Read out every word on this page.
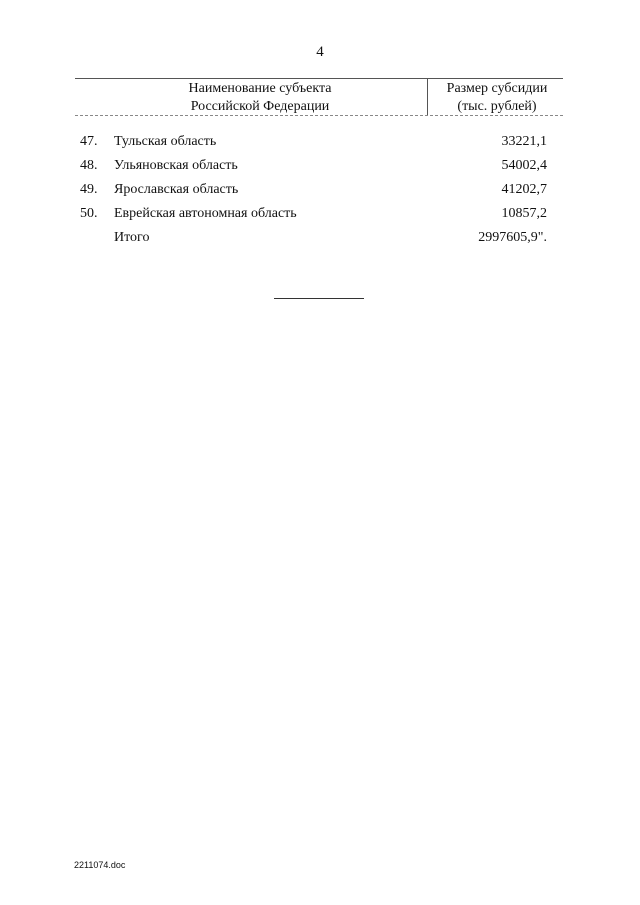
4
Наименование субъекта
Российской Федерации
Размер субсидии
(тыс. рублей)
47.	Тульская область	33221,1
48.	Ульяновская область	54002,4
49.	Ярославская область	41202,7
50.	Еврейская автономная область	10857,2
Итого	2997605,9".
2211074.doc
